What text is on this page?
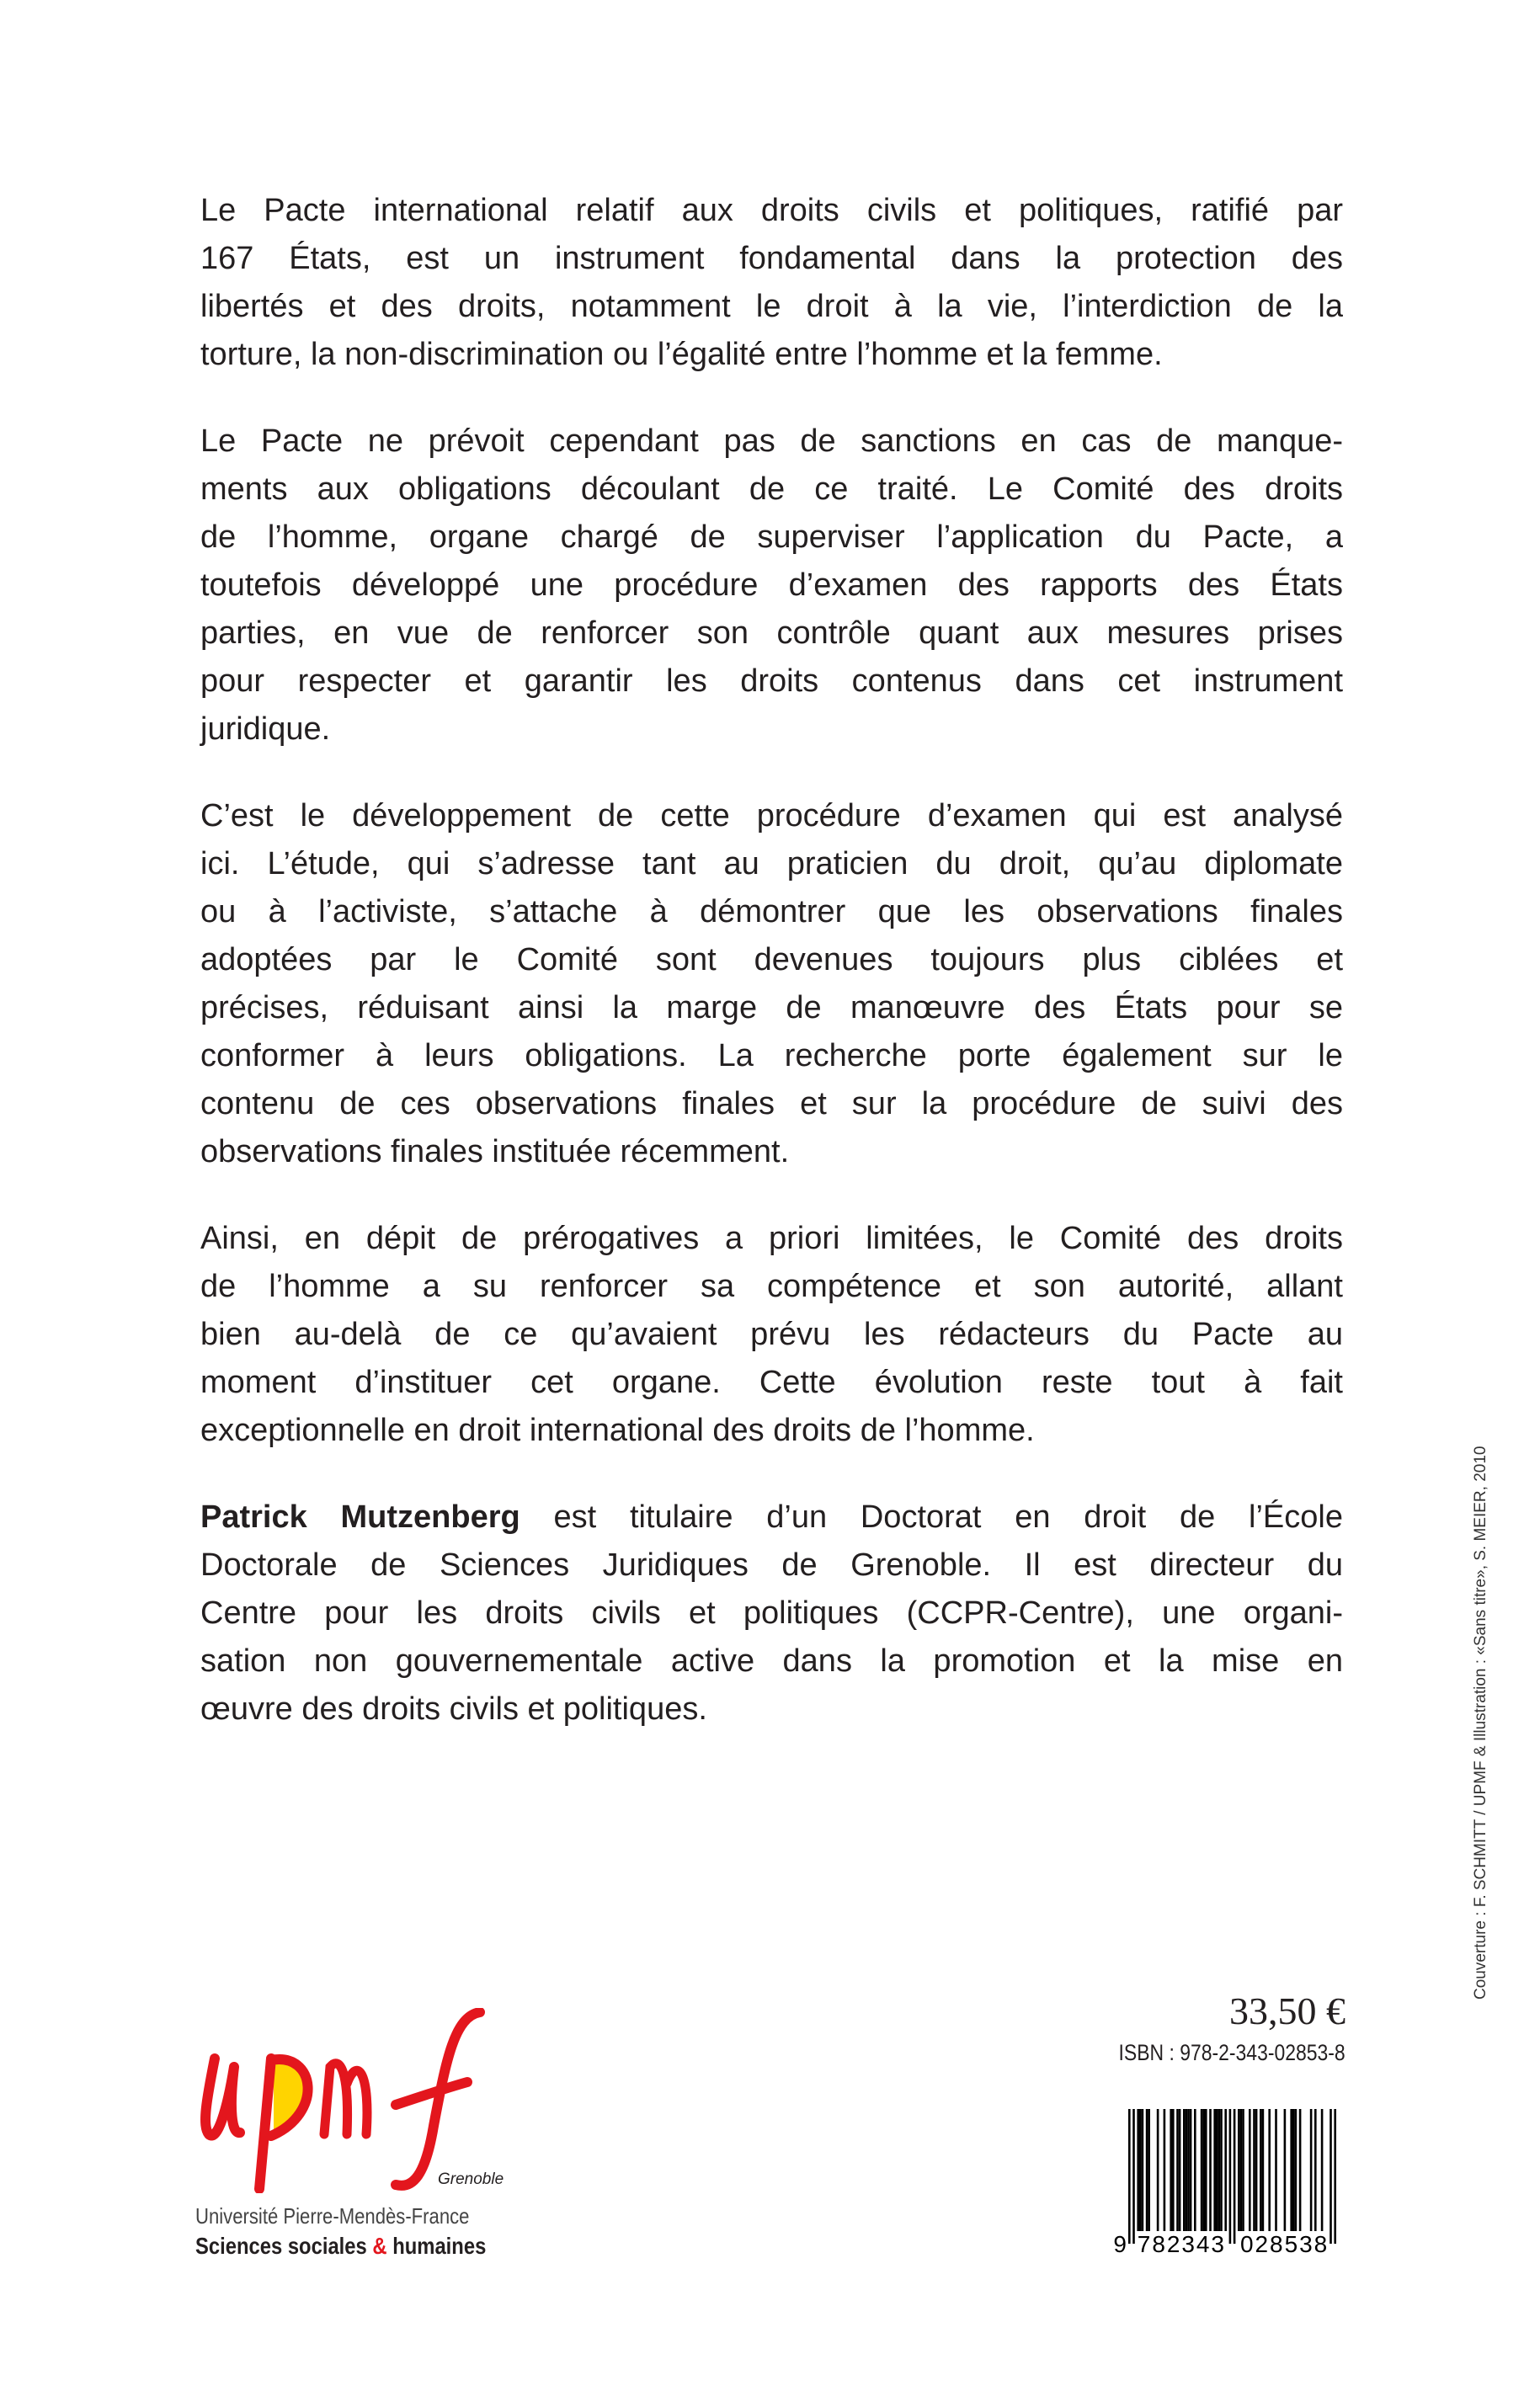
Le Pacte international relatif aux droits civils et politiques, ratifié par
167 États, est un instrument fondamental dans la protection des
libertés et des droits, notamment le droit à la vie, l’interdiction de la
torture, la non-discrimination ou l’égalité entre l’homme et la femme.
Le Pacte ne prévoit cependant pas de sanctions en cas de manque-
ments aux obligations découlant de ce traité. Le Comité des droits
de l’homme, organe chargé de superviser l’application du Pacte, a
toutefois développé une procédure d’examen des rapports des États
parties, en vue de renforcer son contrôle quant aux mesures prises
pour respecter et garantir les droits contenus dans cet instrument
juridique.
C’est le développement de cette procédure d’examen qui est analysé
ici. L’étude, qui s’adresse tant au praticien du droit, qu’au diplomate
ou à l’activiste, s’attache à démontrer que les observations finales
adoptées par le Comité sont devenues toujours plus ciblées et
précises, réduisant ainsi la marge de manœuvre des États pour se
conformer à leurs obligations. La recherche porte également sur le
contenu de ces observations finales et sur la procédure de suivi des
observations finales instituée récemment.
Ainsi, en dépit de prérogatives a priori limitées, le Comité des droits
de l’homme a su renforcer sa compétence et son autorité, allant
bien au-delà de ce qu’avaient prévu les rédacteurs du Pacte au
moment d’instituer cet organe. Cette évolution reste tout à fait
exceptionnelle en droit international des droits de l’homme.
Patrick Mutzenberg est titulaire d’un Doctorat en droit de l’École
Doctorale de Sciences Juridiques de Grenoble. Il est directeur du
Centre pour les droits civils et politiques (CCPR-Centre), une organi-
sation non gouvernementale active dans la promotion et la mise en
œuvre des droits civils et politiques.	Couverture : F. SCHMITT / UPMF & Illustration : «Sans titre», S. MEIER, 2010
33,50 €
ISBN : 978-2-343-02853-8
9 782343 028538
Grenoble
Université Pierre-Mendès-France
Sciences sociales & humaines
